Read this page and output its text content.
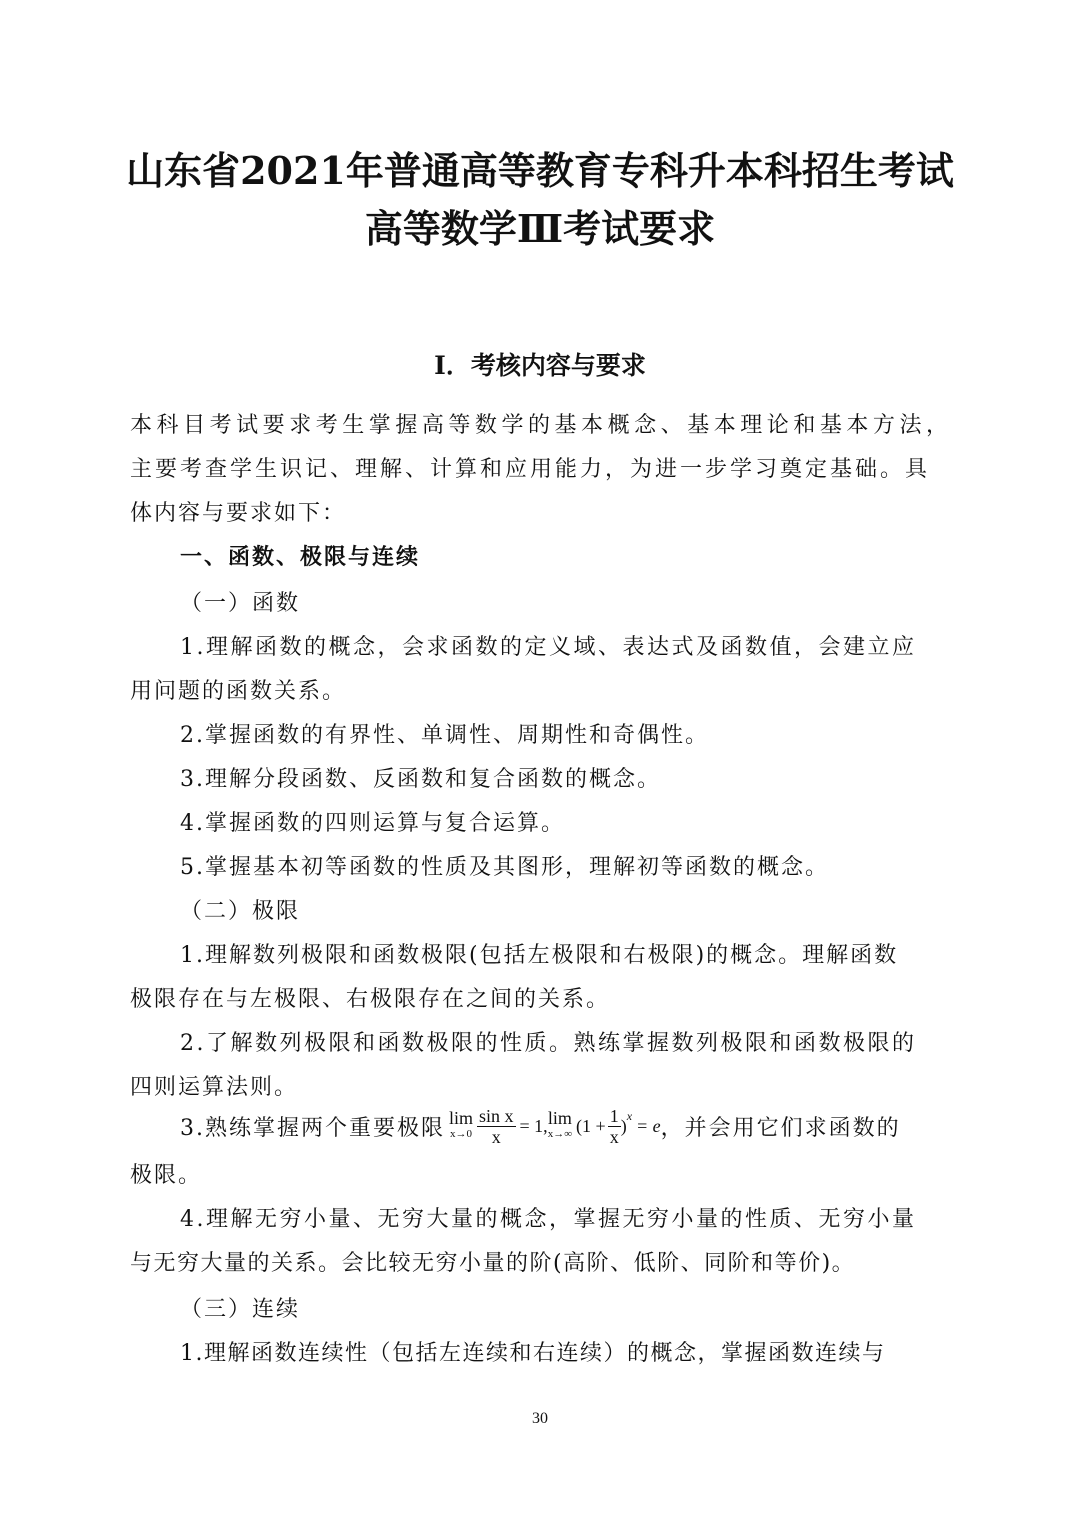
山东省2021年普通高等教育专科升本科招生考试
高等数学Ⅲ考试要求
Ⅰ．考核内容与要求
本科目考试要求考生掌握高等数学的基本概念、基本理论和基本方法，
主要考查学生识记、理解、计算和应用能力，为进一步学习奠定基础。具
体内容与要求如下：
一、函数、极限与连续
（一）函数
1.理解函数的概念，会求函数的定义域、表达式及函数值，会建立应
用问题的函数关系。
2.掌握函数的有界性、单调性、周期性和奇偶性。
3.理解分段函数、反函数和复合函数的概念。
4.掌握函数的四则运算与复合运算。
5.掌握基本初等函数的性质及其图形，理解初等函数的概念。
（二）极限
1.理解数列极限和函数极限(包括左极限和右极限)的概念。理解函数
极限存在与左极限、右极限存在之间的关系。
2.了解数列极限和函数极限的性质。熟练掌握数列极限和函数极限的
四则运算法则。
3.熟练掌握两个重要极限 lim
$x\to 0 \frac{\text{sin x}}{x} = 1$, lim
x→∞ ($1 + \frac{1}{x}$ ) x = e ，并会用它们求函数的
极限。
4.理解无穷小量、无穷大量的概念，掌握无穷小量的性质、无穷小量
与无穷大量的关系。会比较无穷小量的阶(高阶、低阶、同阶和等价)。
（三）连续
1.理解函数连续性（包括左连续和右连续）的概念，掌握函数连续与
30
